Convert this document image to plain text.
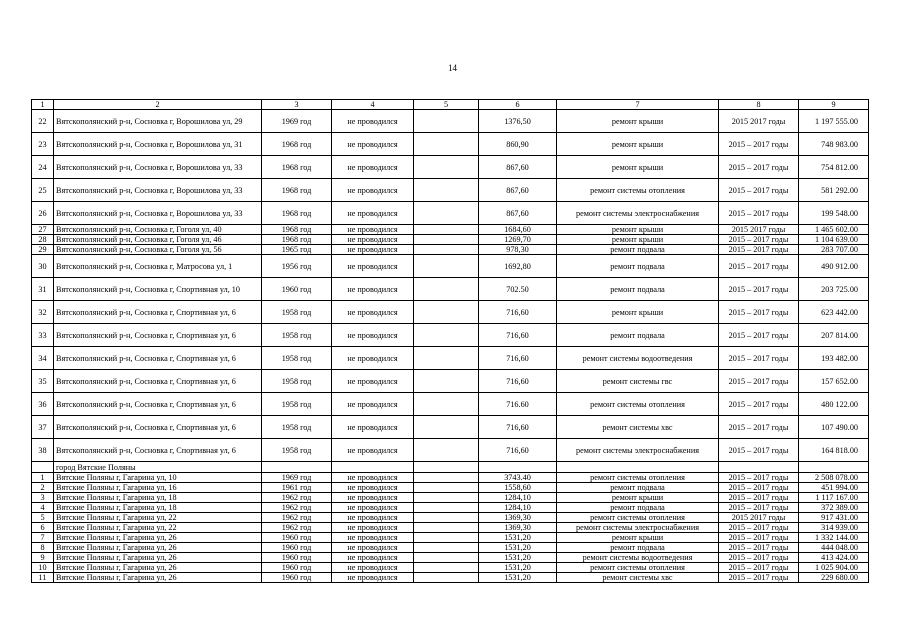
14
1	2	3	4	5	6	7	8	9
22	Вятскополянский р-н, Сосновка г, Ворошилова ул, 29	1969 год	не проводился		1376,50	ремонт крыши	2015 2017 годы	1 197 555.00
23	Вятскополянский р-н, Сосновка г, Ворошилова ул, 31	1968 год	не проводился		860,90	ремонт крыши	2015 – 2017 годы	748 983.00
24	Вятскополянский р-н, Сосновка г, Ворошилова ул, 33	1968 год	не проводился		867,60	ремонт крыши	2015 – 2017 годы	754 812.00
25	Вятскополянский р-н, Сосновка г, Ворошилова ул, 33	1968 год	не проводился		867,60	ремонт системы отопления	2015 – 2017 годы	581 292.00
26	Вятскополянский р-н, Сосновка г, Ворошилова ул, 33	1968 год	не проводился		867,60	ремонт системы электроснабжения	2015 – 2017 годы	199 548.00
27	Вятскополянский р-н, Сосновка г, Гоголя ул, 40	1968 год	не проводился		1684,60	ремонт крыши	2015 2017 годы	1 465 602.00
28	Вятскополянский р-н, Сосновка г, Гоголя ул, 46	1968 год	не проводился		1269,70	ремонт крыши	2015 – 2017 годы	1 104 639.00
29	Вятскополянский р-н, Сосновка г, Гоголя ул, 56	1965 год	не проводился		978,30	ремонт подвала	2015 – 2017 годы	283 707.00
30	Вятскополянский р-н, Сосновка г, Матросова ул, 1	1956 год	не проводился		1692,80	ремонт подвала	2015 – 2017 годы	490 912.00
31	Вятскополянский р-н, Сосновка г, Спортивная ул, 10	1960 год	не проводился		702.50	ремонт подвала	2015 – 2017 годы	203 725.00
32	Вятскополянский р-н, Сосновка г, Спортивная ул, 6	1958 год	не проводился		716,60	ремонт крыши	2015 – 2017 годы	623 442.00
33	Вятскополянский р-н, Сосновка г, Спортивная ул, 6	1958 год	не проводился		716,60	ремонт подвала	2015 – 2017 годы	207 814.00
34	Вятскополянский р-н, Сосновка г, Спортивная ул, 6	1958 год	не проводился		716,60	ремонт системы водоотведения	2015 – 2017 годы	193 482.00
35	Вятскополянский р-н, Сосновка г, Спортивная ул, 6	1958 год	не проводился		716,60	ремонт системы гвс	2015 – 2017 годы	157 652.00
36	Вятскополянский р-н, Сосновка г, Спортивная ул, 6	1958 год	не проводился		716.60	ремонт системы отопления	2015 – 2017 годы	480 122.00
37	Вятскополянский р-н, Сосновка г, Спортивная ул, 6	1958 год	не проводился		716,60	ремонт системы хвс	2015 – 2017 годы	107 490.00
38	Вятскополянский р-н, Сосновка г, Спортивная ул, 6	1958 год	не проводился		716,60	ремонт системы электроснабжения	2015 – 2017 годы	164 818.00
	город Вятские Поляны							
1	Вятские Поляны г, Гагарина ул, 10	1969 год	не проводился		3743.40	ремонт системы отопления	2015 – 2017 годы	2 508 078.00
2	Вятские Поляны г, Гагарина ул, 16	1961 год	не проводился		1558,60	ремонт подвала	2015 – 2017 годы	451 994.00
3	Вятские Поляны г, Гагарина ул, 18	1962 год	не проводился		1284,10	ремонт крыши	2015 – 2017 годы	1 117 167.00
4	Вятские Поляны г, Гагарина ул, 18	1962 год	не проводился		1284,10	ремонт подвала	2015 – 2017 годы	372 389.00
5	Вятские Поляны г, Гагарина ул, 22	1962 год	не проводился		1369,30	ремонт системы отопления	2015 2017 годы	917 431.00
6	Вятские Поляны г, Гагарина ул, 22	1962 год	не проводился		1369,30	ремонт системы электроснабжения	2015 – 2017 годы	314 939.00
7	Вятские Поляны г, Гагарина ул, 26	1960 год	не проводился		1531,20	ремонт крыши	2015 – 2017 годы	1 332 144.00
8	Вятские Поляны г, Гагарина ул, 26	1960 год	не проводился		1531,20	ремонт подвала	2015 – 2017 годы	444 048.00
9	Вятские Поляны г, Гагарина ул, 26	1960 год	не проводился		1531,20	ремонт системы водоотведения	2015 – 2017 годы	413 424.00
10	Вятские Поляны г, Гагарина ул, 26	1960 год	не проводился		1531,20	ремонт системы отопления	2015 – 2017 годы	1 025 904.00
11	Вятские Поляны г, Гагарина ул, 26	1960 год	не проводился		1531,20	ремонт системы хвс	2015 – 2017 годы	229 680.00
